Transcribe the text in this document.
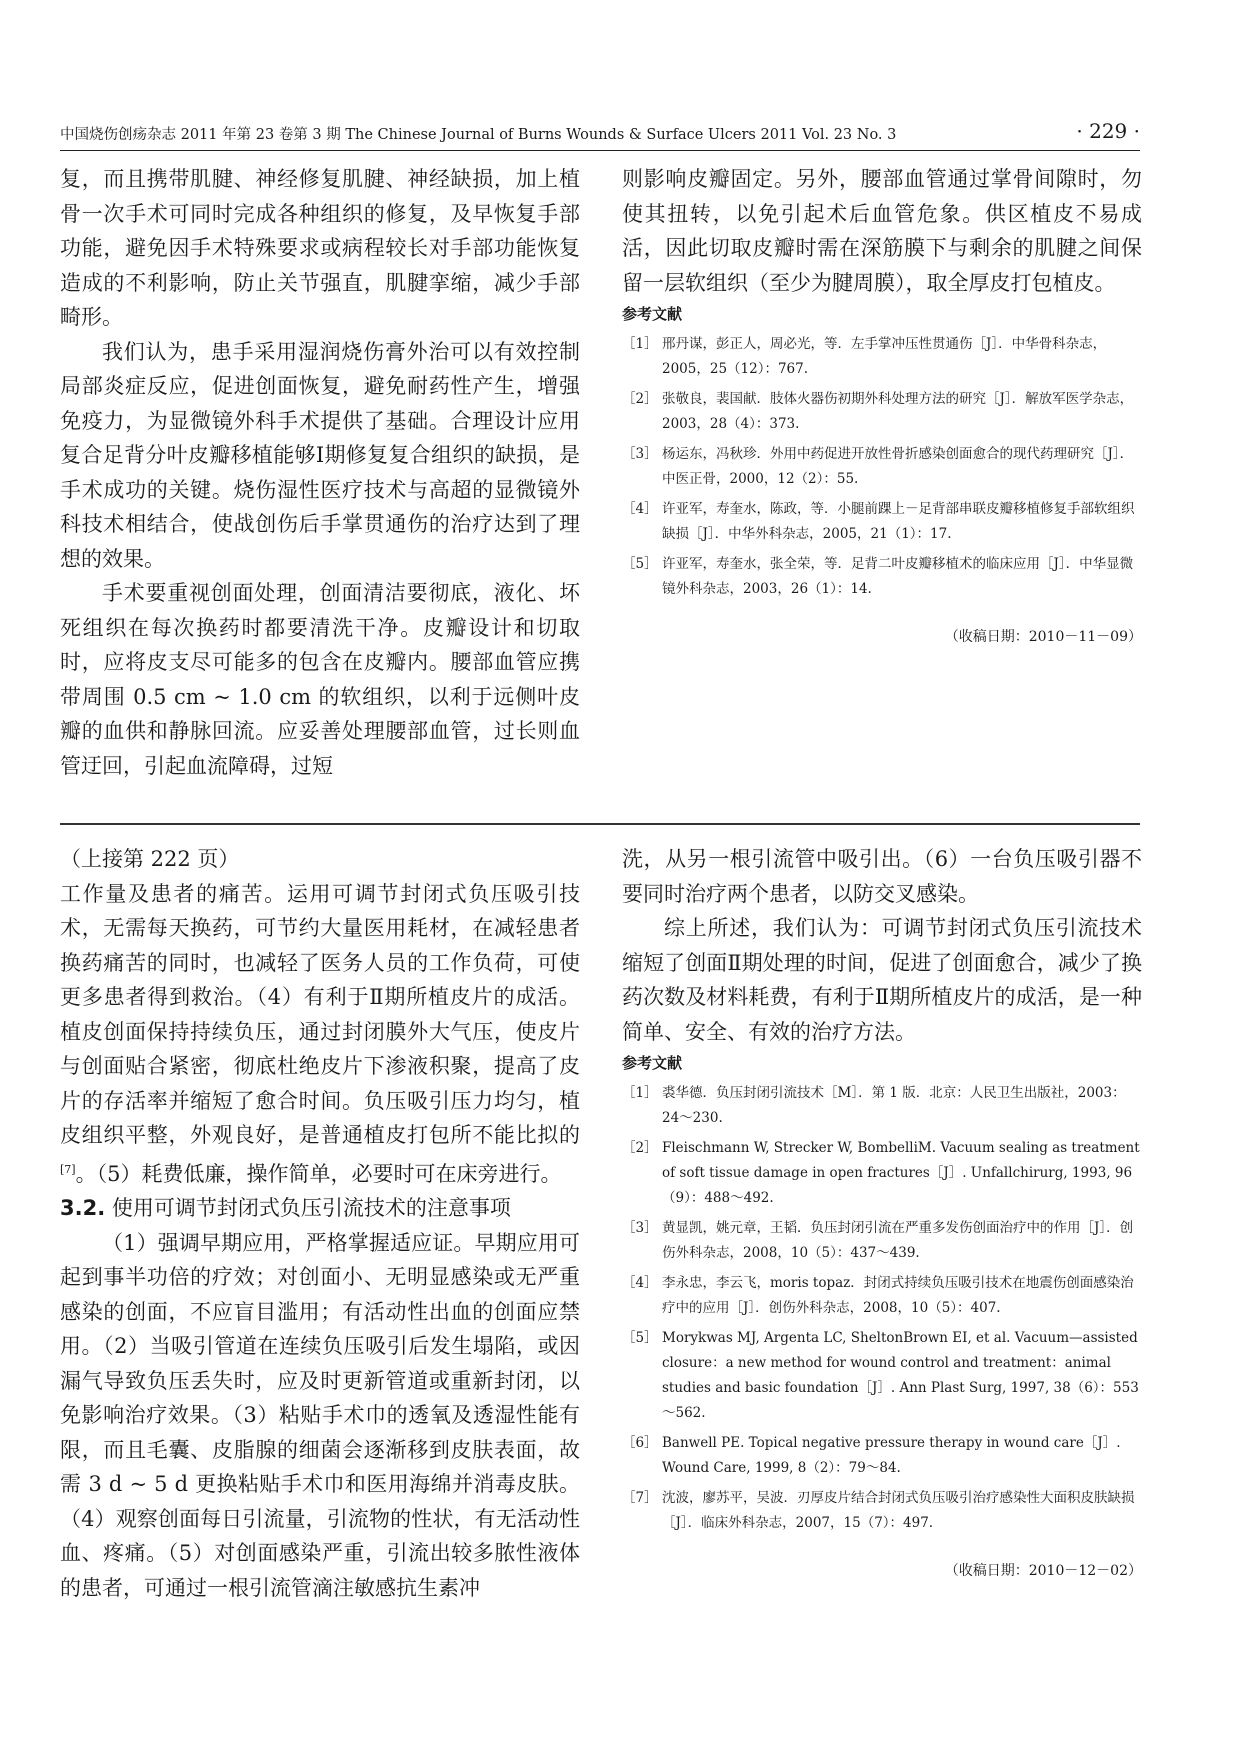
中国烧伤创疡杂志 2011 年第 23 卷第 3 期 The Chinese Journal of Burns Wounds & Surface Ulcers 2011 Vol. 23 No. 3	· 229 ·

复，而且携带肌腱、神经修复肌腱、神经缺损，加上植骨一次手术可同时完成各种组织的修复，及早恢复手部功能，避免因手术特殊要求或病程较长对手部功能恢复造成的不利影响，防止关节强直，肌腱挛缩，减少手部畸形。

我们认为，患手采用湿润烧伤膏外治可以有效控制局部炎症反应，促进创面恢复，避免耐药性产生，增强免疫力，为显微镜外科手术提供了基础。合理设计应用复合足背分叶皮瓣移植能够Ⅰ期修复复合组织的缺损，是手术成功的关键。烧伤湿性医疗技术与高超的显微镜外科技术相结合，使战创伤后手掌贯通伤的治疗达到了理想的效果。

手术要重视创面处理，创面清洁要彻底，液化、坏死组织在每次换药时都要清洗干净。皮瓣设计和切取时，应将皮支尽可能多的包含在皮瓣内。腰部血管应携带周围 0.5 cm ~ 1.0 cm 的软组织，以利于远侧叶皮瓣的血供和静脉回流。应妥善处理腰部血管，过长则血管迂回，引起血流障碍，过短

则影响皮瓣固定。另外，腰部血管通过掌骨间隙时，勿使其扭转，以免引起术后血管危象。供区植皮不易成活，因此切取皮瓣时需在深筋膜下与剩余的肌腱之间保留一层软组织（至少为腱周膜），取全厚皮打包植皮。

参考文献
［1］ 邢丹谋，彭正人，周必光，等．左手掌冲压性贯通伤［J］．中华骨科杂志，2005，25（12）：767.
［2］ 张敬良，裴国献．肢体火器伤初期外科处理方法的研究［J］．解放军医学杂志，2003，28（4）：373.
［3］ 杨运东，冯秋珍．外用中药促进开放性骨折感染创面愈合的现代药理研究［J］．中医正骨，2000，12（2）：55.
［4］ 许亚军，寿奎水，陈政，等．小腿前踝上－足背部串联皮瓣移植修复手部软组织缺损［J］．中华外科杂志，2005，21（1）：17.
［5］ 许亚军，寿奎水，张全荣，等．足背二叶皮瓣移植术的临床应用［J］．中华显微镜外科杂志，2003，26（1）：14.
（收稿日期：2010－11－09）

（上接第 222 页）

工作量及患者的痛苦。运用可调节封闭式负压吸引技术，无需每天换药，可节约大量医用耗材，在减轻患者换药痛苦的同时，也减轻了医务人员的工作负荷，可使更多患者得到救治。（4）有利于Ⅱ期所植皮片的成活。植皮创面保持持续负压，通过封闭膜外大气压，使皮片与创面贴合紧密，彻底杜绝皮片下渗液积聚，提高了皮片的存活率并缩短了愈合时间。负压吸引压力均匀，植皮组织平整，外观良好，是普通植皮打包所不能比拟的[7]。（5）耗费低廉，操作简单，必要时可在床旁进行。

3.2. 使用可调节封闭式负压引流技术的注意事项

（1）强调早期应用，严格掌握适应证。早期应用可起到事半功倍的疗效；对创面小、无明显感染或无严重感染的创面，不应盲目滥用；有活动性出血的创面应禁用。（2）当吸引管道在连续负压吸引后发生塌陷，或因漏气导致负压丢失时，应及时更新管道或重新封闭，以免影响治疗效果。（3）粘贴手术巾的透氧及透湿性能有限，而且毛囊、皮脂腺的细菌会逐渐移到皮肤表面，故需 3 d ~ 5 d 更换粘贴手术巾和医用海绵并消毒皮肤。（4）观察创面每日引流量，引流物的性状，有无活动性血、疼痛。（5）对创面感染严重，引流出较多脓性液体的患者，可通过一根引流管滴注敏感抗生素冲

洗，从另一根引流管中吸引出。（6）一台负压吸引器不要同时治疗两个患者，以防交叉感染。

综上所述，我们认为：可调节封闭式负压引流技术缩短了创面Ⅱ期处理的时间，促进了创面愈合，减少了换药次数及材料耗费，有利于Ⅱ期所植皮片的成活，是一种简单、安全、有效的治疗方法。

参考文献
［1］ 裘华德．负压封闭引流技术［M］．第 1 版．北京：人民卫生出版社，2003：24～230.
［2］ Fleischmann W, Strecker W, BombelliM. Vacuum sealing as treatment of soft tissue damage in open fractures［J］. Unfallchirurg, 1993, 96（9）：488～492.
［3］ 黄显凯，姚元章，王韬．负压封闭引流在严重多发伤创面治疗中的作用［J］．创伤外科杂志，2008，10（5）：437～439.
［4］ 李永忠，李云飞，moris topaz．封闭式持续负压吸引技术在地震伤创面感染治疗中的应用［J］．创伤外科杂志，2008，10（5）：407.
［5］ Morykwas MJ, Argenta LC, SheltonBrown EI, et al. Vacuum—assisted closure：a new method for wound control and treatment：animal studies and basic foundation［J］. Ann Plast Surg, 1997, 38（6）：553～562.
［6］ Banwell PE. Topical negative pressure therapy in wound care［J］. Wound Care, 1999, 8（2）：79～84.
［7］ 沈波，廖苏平，吴波．刃厚皮片结合封闭式负压吸引治疗感染性大面积皮肤缺损［J］．临床外科杂志，2007，15（7）：497.
（收稿日期：2010－12－02）
